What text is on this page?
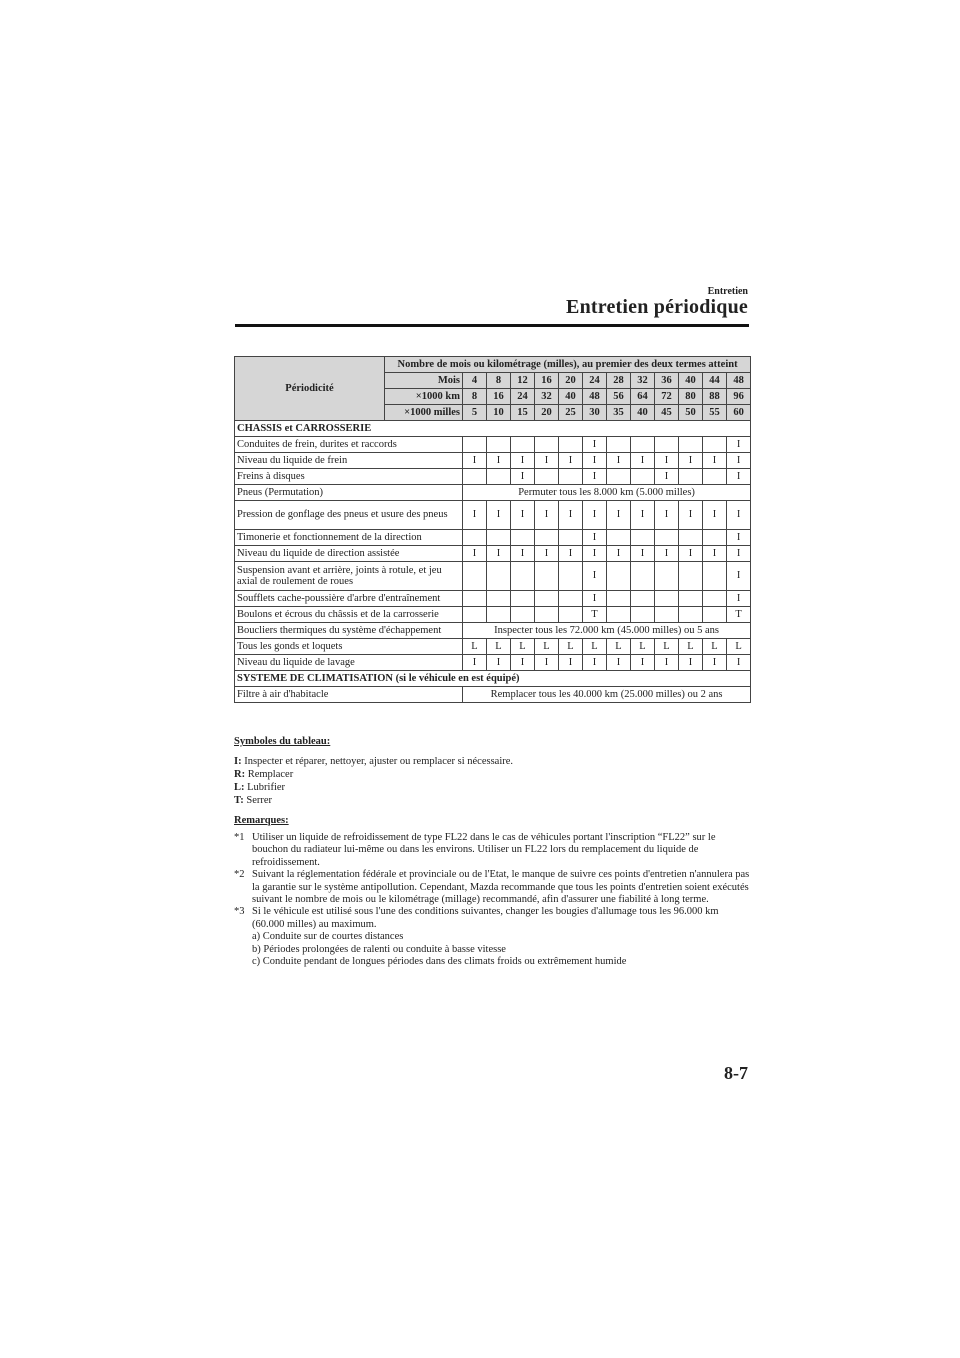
Entretien
Entretien périodique
Périodicité	Nombre de mois ou kilométrage (milles), au premier des deux termes atteint												
	Mois	4	8	12	16	20	24	28	32	36	40	44	48
	×1000 km	8	16	24	32	40	48	56	64	72	80	88	96
	×1000 milles	5	10	15	20	25	30	35	40	45	50	55	60
CHASSIS et CARROSSERIE													
Conduites de frein, durites et raccords							I						I
Niveau du liquide de frein		I	I	I	I	I	I	I	I	I	I	I	I
Freins à disques				I			I			I			I
Pneus (Permutation)		Permuter tous les 8.000 km (5.000 milles)											
Pression de gonflage des pneus et usure des pneus		I	I	I	I	I	I	I	I	I	I	I	I
Timonerie et fonctionnement de la direction							I						I
Niveau du liquide de direction assistée		I	I	I	I	I	I	I	I	I	I	I	I
Suspension avant et arrière, joints à rotule, et jeu axial de roulement de roues							I						I
Soufflets cache-poussière d'arbre d'entraînement							I						I
Boulons et écrous du châssis et de la carrosserie							T						T
Boucliers thermiques du système d'échappement		Inspecter tous les 72.000 km (45.000 milles) ou 5 ans											
Tous les gonds et loquets		L	L	L	L	L	L	L	L	L	L	L	L
Niveau du liquide de lavage		I	I	I	I	I	I	I	I	I	I	I	I
SYSTEME DE CLIMATISATION (si le véhicule en est équipé)													
Filtre à air d'habitacle		Remplacer tous les 40.000 km (25.000 milles) ou 2 ans											
Symboles du tableau:
I: Inspecter et réparer, nettoyer, ajuster ou remplacer si nécessaire.
R: Remplacer
L: Lubrifier
T: Serrer
Remarques:
*1 Utiliser un liquide de refroidissement de type FL22 dans le cas de véhicules portant l'inscription “FL22” sur le bouchon du radiateur lui-même ou dans les environs. Utiliser un FL22 lors du remplacement du liquide de refroidissement.
*2 Suivant la réglementation fédérale et provinciale ou de l'Etat, le manque de suivre ces points d'entretien n'annulera pas la garantie sur le système antipollution. Cependant, Mazda recommande que tous les points d'entretien soient exécutés suivant le nombre de mois ou le kilométrage (millage) recommandé, afin d'assurer une fiabilité à long terme.
*3 Si le véhicule est utilisé sous l'une des conditions suivantes, changer les bougies d'allumage tous les 96.000 km (60.000 milles) au maximum.
a) Conduite sur de courtes distances
b) Périodes prolongées de ralenti ou conduite à basse vitesse
c) Conduite pendant de longues périodes dans des climats froids ou extrêmement humide
8-7
